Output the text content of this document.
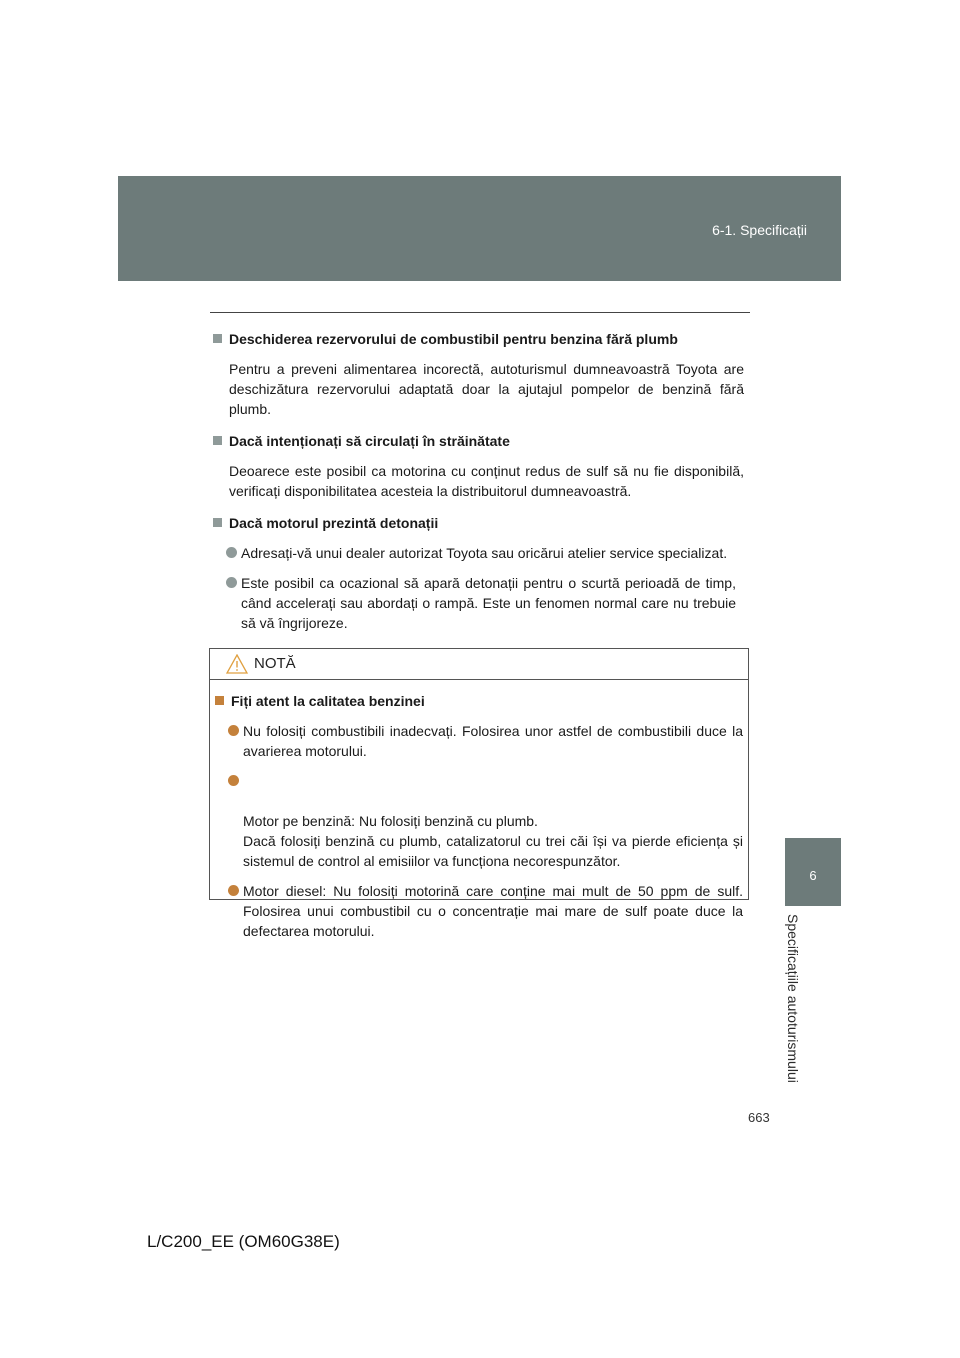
6-1. Specificații
6
Specificațiile autoturismului
Deschiderea rezervorului de combustibil pentru benzina fără plumb
Pentru a preveni alimentarea incorectă, autoturismul dumneavoastră Toyota are deschizătura rezervorului adaptată doar la ajutajul pompelor de benzină fără plumb.
Dacă intenționați să circulați în străinătate
Deoarece este posibil ca motorina cu conținut redus de sulf să nu fie disponibilă, verificați disponibilitatea acesteia la distribuitorul dumneavoastră.
Dacă motorul prezintă detonații
Adresați-vă unui dealer autorizat Toyota sau oricărui atelier service specializat.
Este posibil ca ocazional să apară detonații pentru o scurtă perioadă de timp, când accelerați sau abordați o rampă. Este un fenomen normal care nu trebuie să vă îngrijoreze.
NOTĂ
Fiți atent la calitatea benzinei
Nu folosiți combustibili inadecvați. Folosirea unor astfel de combustibili duce la avarierea motorului.

Motor pe benzină: Nu folosiți benzină cu plumb.
Dacă folosiți benzină cu plumb, catalizatorul cu trei căi își va pierde eficiența și sistemul de control al emisiilor va funcționa necorespunzător.

Motor diesel: Nu folosiți motorină care conține mai mult de 50 ppm de sulf. Folosirea unui combustibil cu o concentrație mai mare de sulf poate duce la defectarea motorului.
663
L/C200_EE (OM60G38E)
